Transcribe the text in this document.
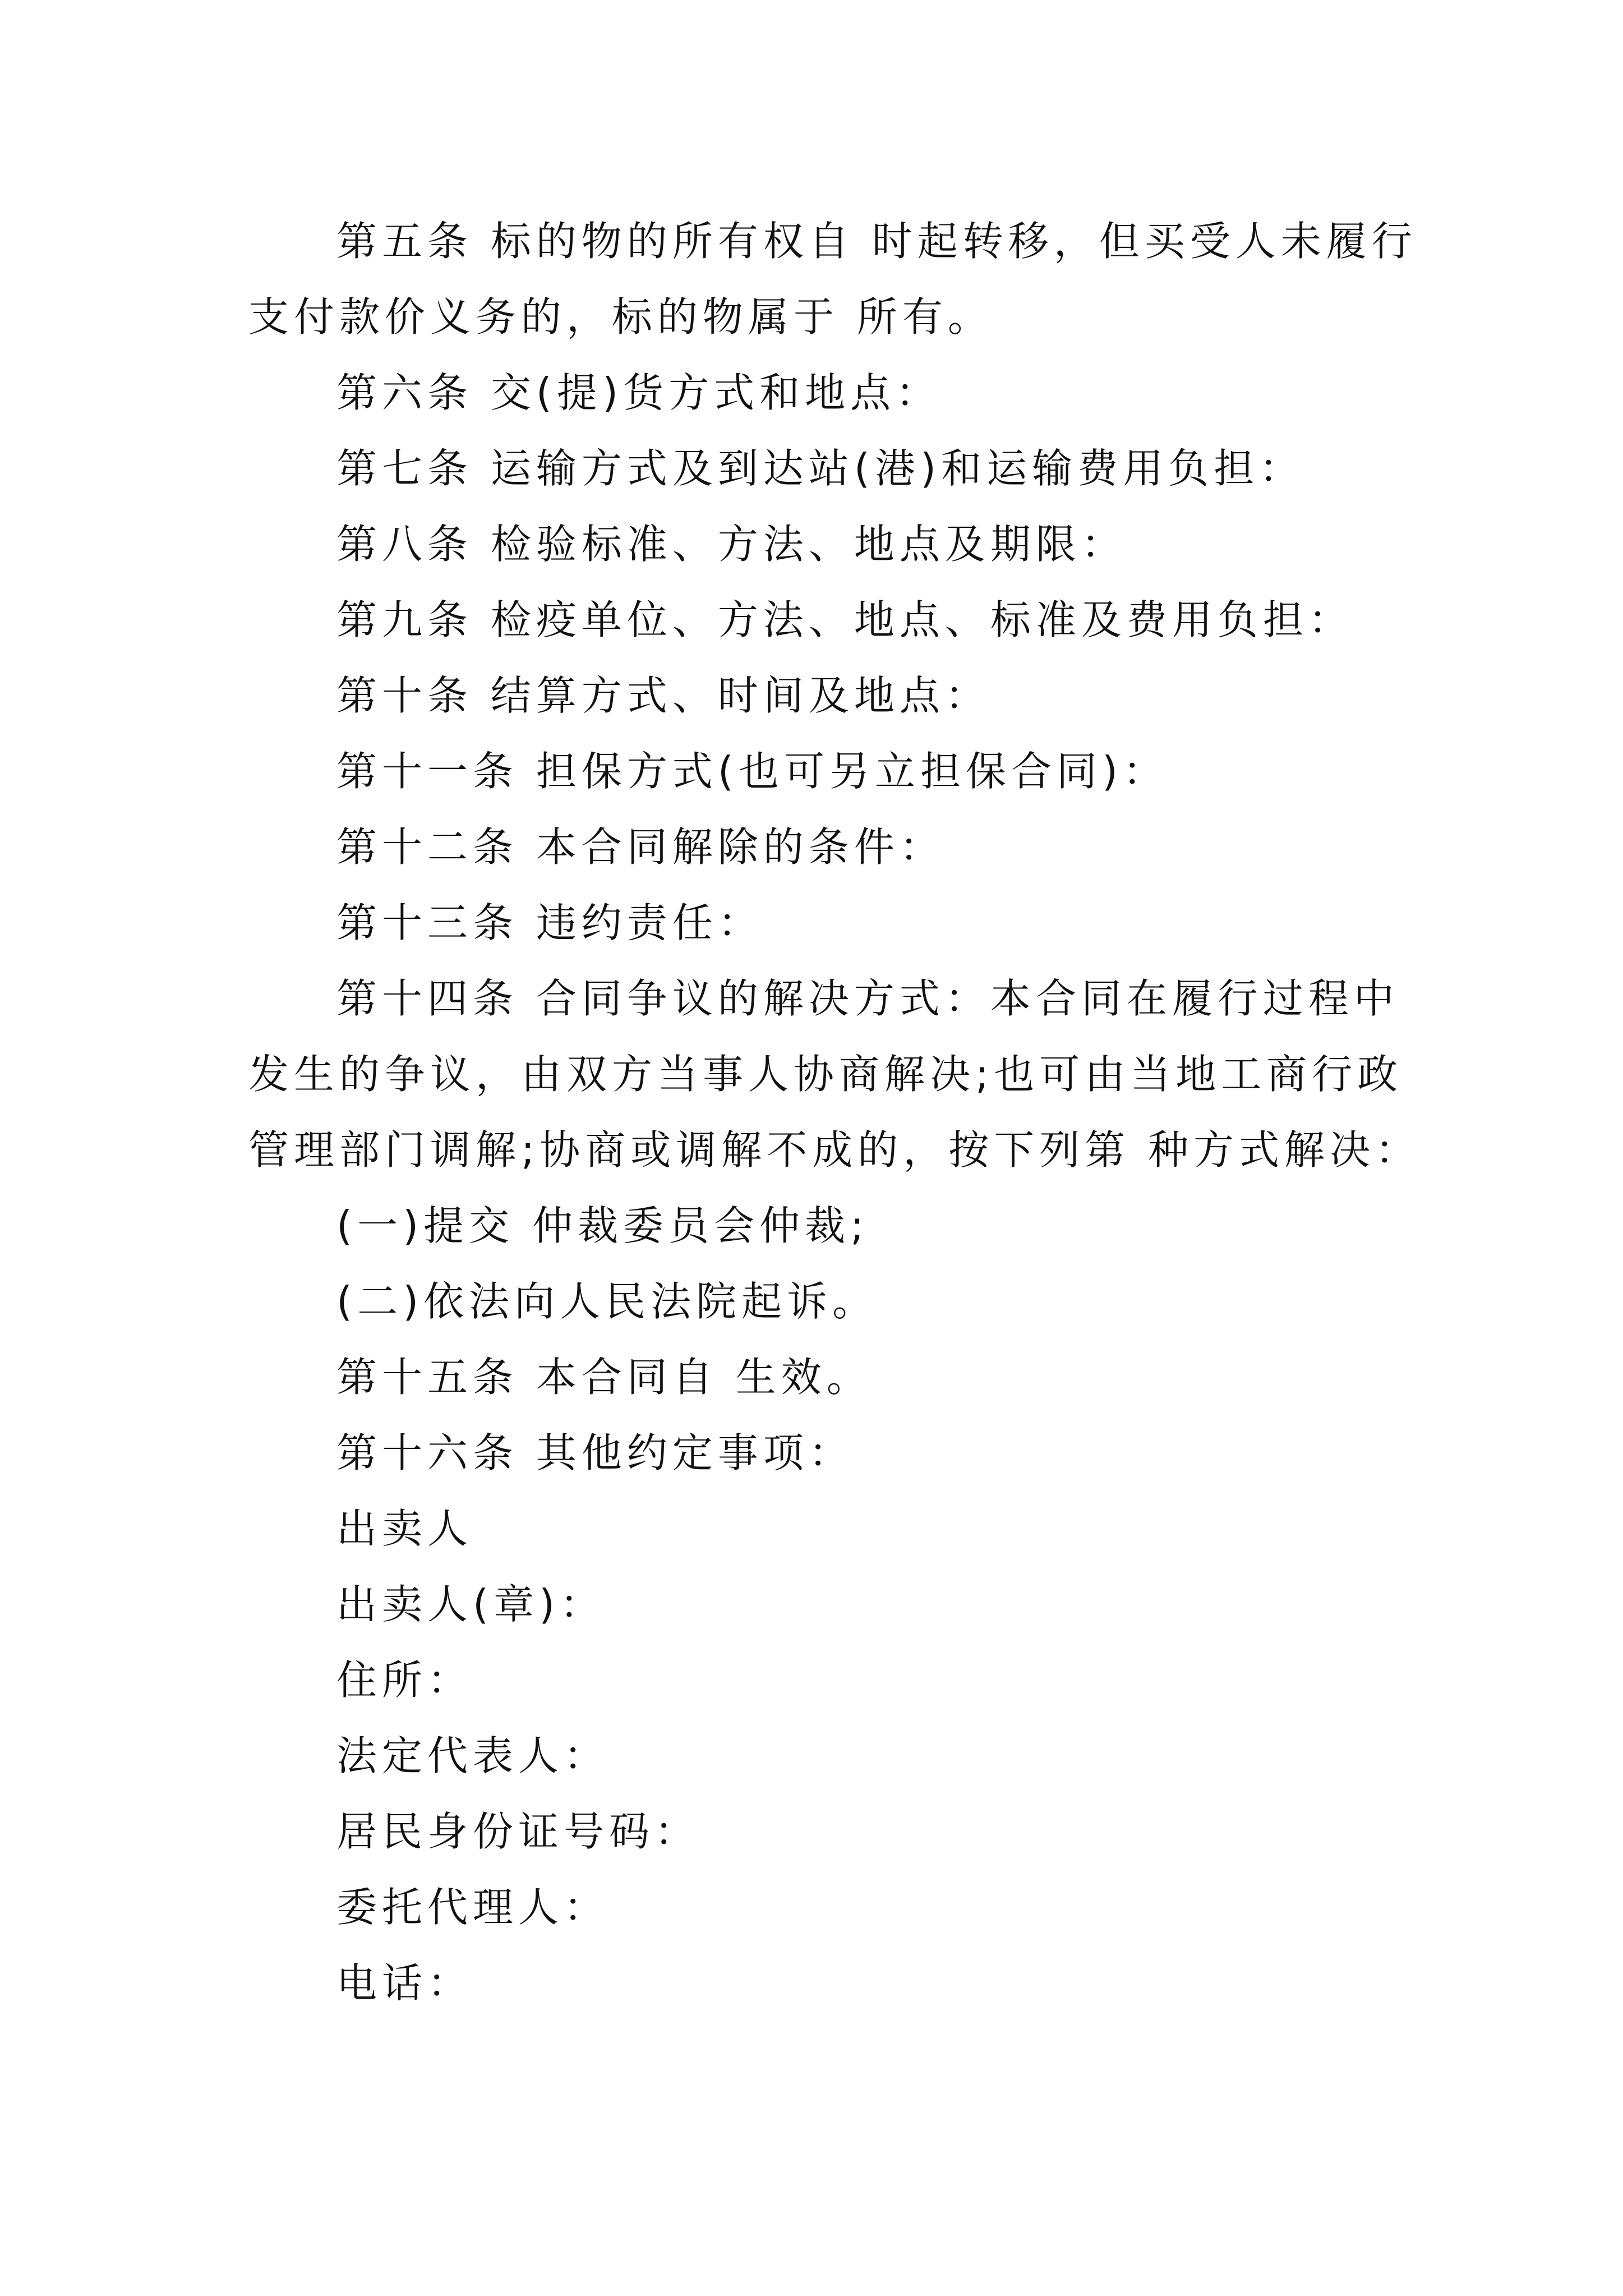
第五条 标的物的所有权自 时起转移，但买受人未履行
支付款价义务的，标的物属于 所有。
第六条 交(提)货方式和地点：
第七条 运输方式及到达站(港)和运输费用负担：
第八条 检验标准、方法、地点及期限：
第九条 检疫单位、方法、地点、标准及费用负担：
第十条 结算方式、时间及地点：
第十一条 担保方式(也可另立担保合同)：
第十二条 本合同解除的条件：
第十三条 违约责任：
第十四条 合同争议的解决方式：本合同在履行过程中
发生的争议，由双方当事人协商解决;也可由当地工商行政
管理部门调解;协商或调解不成的，按下列第 种方式解决：
(一)提交 仲裁委员会仲裁;
(二)依法向人民法院起诉。
第十五条 本合同自 生效。
第十六条 其他约定事项：
出卖人
出卖人(章)：
住所：
法定代表人：
居民身份证号码：
委托代理人：
电话：
